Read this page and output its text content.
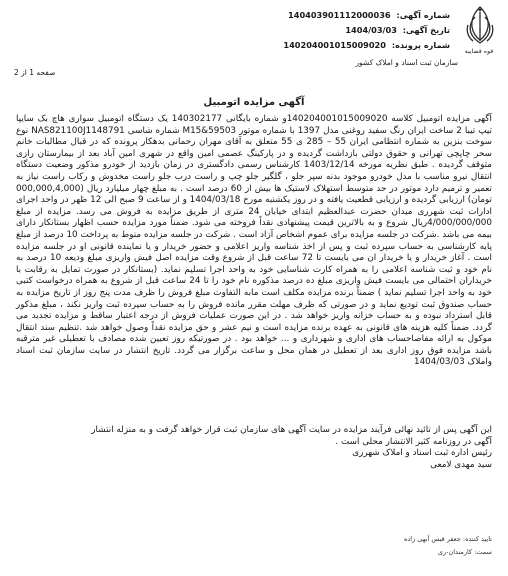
شماره آگهی: 140403901112000036
تاریخ آگهی: 1404/03/03
شماره پرونده: 140204001015009020
قوه قضاییه
سازمان ثبت اسناد و املاک کشور
صفحه 1 از 2
آگهی مزایده اتومبیل

آگهی مزایده اتومبیل کلاسه 140204001015009020و شماره بایگانی 140302177 یک دستگاه اتومبیل سواری هاچ بک سایپا تیپ تیبا 2 ساخت ایران رنگ سفید روغنی مدل 1397 با شماره موتور M15&59503 شماره شاسی NAS821100J1148791 نوع سوخت بنزین به شماره انتظامی ایران 55 – 285 ی 55 متعلق به آقای مهران رحمانی بدهکار پرونده که در قبال مطالبات خانم سحر چاپچی تهرانی و حقوق دولتی بازداشت گردیده و در پارکینگ عصمی امین واقع در شهری امین آباد بعد از بیمارستان رازی متوقف گردیده . طبق نظریه مورخه 1403/12/14 کارشناس رسمی دادگستری در زمان بازدید از خودرو مذکور وضعیت دستگاه انتقال نیرو مناسب با مدل خودرو موجود بدنه سپر جلو ، گلگیر جلو چپ و راست درب جلو راست مخدوش و رکاب راست نیاز به تعمیر و ترمیم دارد موتور در حد متوسط استهلاک لاستیک ها بیش از 60 درصد است . به مبلغ چهار میلیارد ریال (000,000,4,000 تومان) ارزیابی گردیده و ارزیابی قطعیت یافته و در روز یکشنبه مورخ 1404/03/18 و از ساعت 9 صبح الی 12 ظهر در واحد اجرای ادارات ثبت شهرری میدان حضرت عبدالعظیم ابتدای خیابان 24 متری از طریق مزایده به فروش می رسد. مزایده از مبلغ 4/000/000/000ریال شروع و به بالاترین قیمت پیشنهادی نقداً فروخته می شود. ضمناً مورد مزایده حسب اظهار بستانکار دارای بیمه می باشد .شرکت در جلسه مزایده برای عموم اشخاص آزاد است . شرکت در جلسه مزایده منوط به پرداخت 10 درصد از مبلغ پایه کارشناسی به حساب سپرده ثبت و پس از اخذ شناسه واریز اعلامی و حضور خریدار و یا نماینده قانونی او در جلسه مزایده است . آغاز خریدار و یا خریدار ان می بایست تا 72 ساعت قبل از شروع وقت مزایده اصل فیش واریزی مبلغ ودیعه 10 درصد به نام خود و ثبت شناسه اعلامی را به همراه کارت شناسایی خود به واحد اجرا تسلیم نماید. (بستانکار در صورت تمایل به رقابت با خریداران احتمالی می بایست فیش واریزی مبلغ ده درصد مذکوره نام خود را تا 24 ساعت قبل از شروع به همراه درخواست کتبی خود به واحد اجرا تسلیم نماید ) ضمناً برنده مزایده مکلف است مابه التفاوت مبلغ فروش را ظرف مدت پنج روز از تاریخ مزایده به حساب صندوق ثبت تودیع نماید و در صورتی که ظرف مهلت مقرر مانده فروش را به حساب سپرده ثبت واریز نکند ، مبلغ مذکور قابل استرداد نبوده و به حساب خزانه واریز خواهد شد . در این صورت عملیات فروش از درجه اعتبار ساقط و مزایده تجدید می گردد. ضمناً کلیه هزینه های قانونی به عهده برنده مزایده است و نیم عشر و حق مزایده نقداً وصول خواهد شد .تنظیم سند انتقال موکول به ارائه مفاصاحساب های اداری و شهرداری و ... خواهد بود . در صورتیکه روز تعیین شده مصادف با تعطیلی غیر مترقبه باشد مزایده فوق روز اداری بعد از تعطیل در همان محل و ساعت برگزار می گردد. تاریخ انتشار در سایت سازمان ثبت اسناد واملاک 1404/03/03

این آگهی پس از تائید نهائی فرآیند مزایده در سایت آگهی های سازمان ثبت قرار خواهد گرفت و به منزله انتشار
آگهی در روزنامه کثیر الانتشار محلی است .
رئیس اداره ثبت اسناد و املاک شهرری
سید مهدی لامعی
تایید کننده: جعفر قیس آبهی زاده
سمت: کارمندان-ری
